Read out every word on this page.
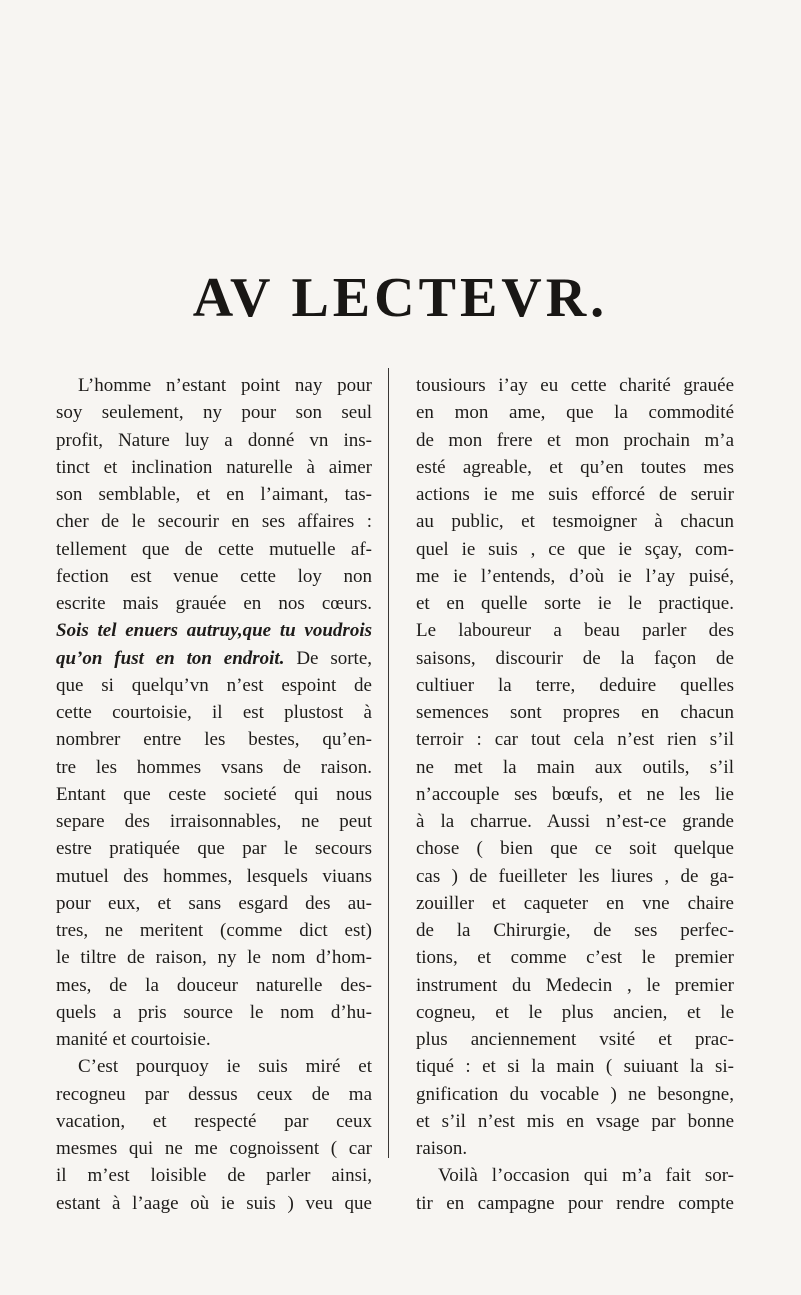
AV LECTEVR.
L’homme n’estant point nay pour
soy seulement, ny pour son seul
profit, Nature luy a donné vn ins-
tinct et inclination naturelle à aimer
son semblable, et en l’aimant, tas-
cher de le secourir en ses affaires :
tellement que de cette mutuelle af-
fection est venue cette loy non
escrite mais grauée en nos cœurs.
Sois tel enuers autruy,que tu voudrois
qu’on fust en ton endroit. De sorte,
que si quelqu’vn n’est espoint de
cette courtoisie, il est plustost à
nombrer entre les bestes, qu’en-
tre les hommes vsans de raison.
Entant que ceste societé qui nous
separe des irraisonnables, ne peut
estre pratiquée que par le secours
mutuel des hommes, lesquels viuans
pour eux, et sans esgard des au-
tres, ne meritent (comme dict est)
le tiltre de raison, ny le nom d’hom-
mes, de la douceur naturelle des-
quels a pris source le nom d’hu-
manité et courtoisie.
C’est pourquoy ie suis miré et
recogneu par dessus ceux de ma
vacation, et respecté par ceux
mesmes qui ne me cognoissent ( car
il m’est loisible de parler ainsi,
estant à l’aage où ie suis ) veu que
tousiours i’ay eu cette charité grauée
en mon ame, que la commodité
de mon frere et mon prochain m’a
esté agreable, et qu’en toutes mes
actions ie me suis efforcé de seruir
au public, et tesmoigner à chacun
quel ie suis , ce que ie sçay, com-
me ie l’entends, d’où ie l’ay puisé,
et en quelle sorte ie le practique.
Le laboureur a beau parler des
saisons, discourir de la façon de
cultiuer la terre, deduire quelles
semences sont propres en chacun
terroir : car tout cela n’est rien s’il
ne met la main aux outils, s’il
n’accouple ses bœufs, et ne les lie
à la charrue. Aussi n’est-ce grande
chose ( bien que ce soit quelque
cas ) de fueilleter les liures , de ga-
zouiller et caqueter en vne chaire
de la Chirurgie, de ses perfec-
tions, et comme c’est le premier
instrument du Medecin , le premier
cogneu, et le plus ancien, et le
plus anciennement vsité et prac-
tiqué : et si la main ( suiuant la si-
gnification du vocable ) ne besongne,
et s’il n’est mis en vsage par bonne
raison.
Voilà l’occasion qui m’a fait sor-
tir en campagne pour rendre compte
